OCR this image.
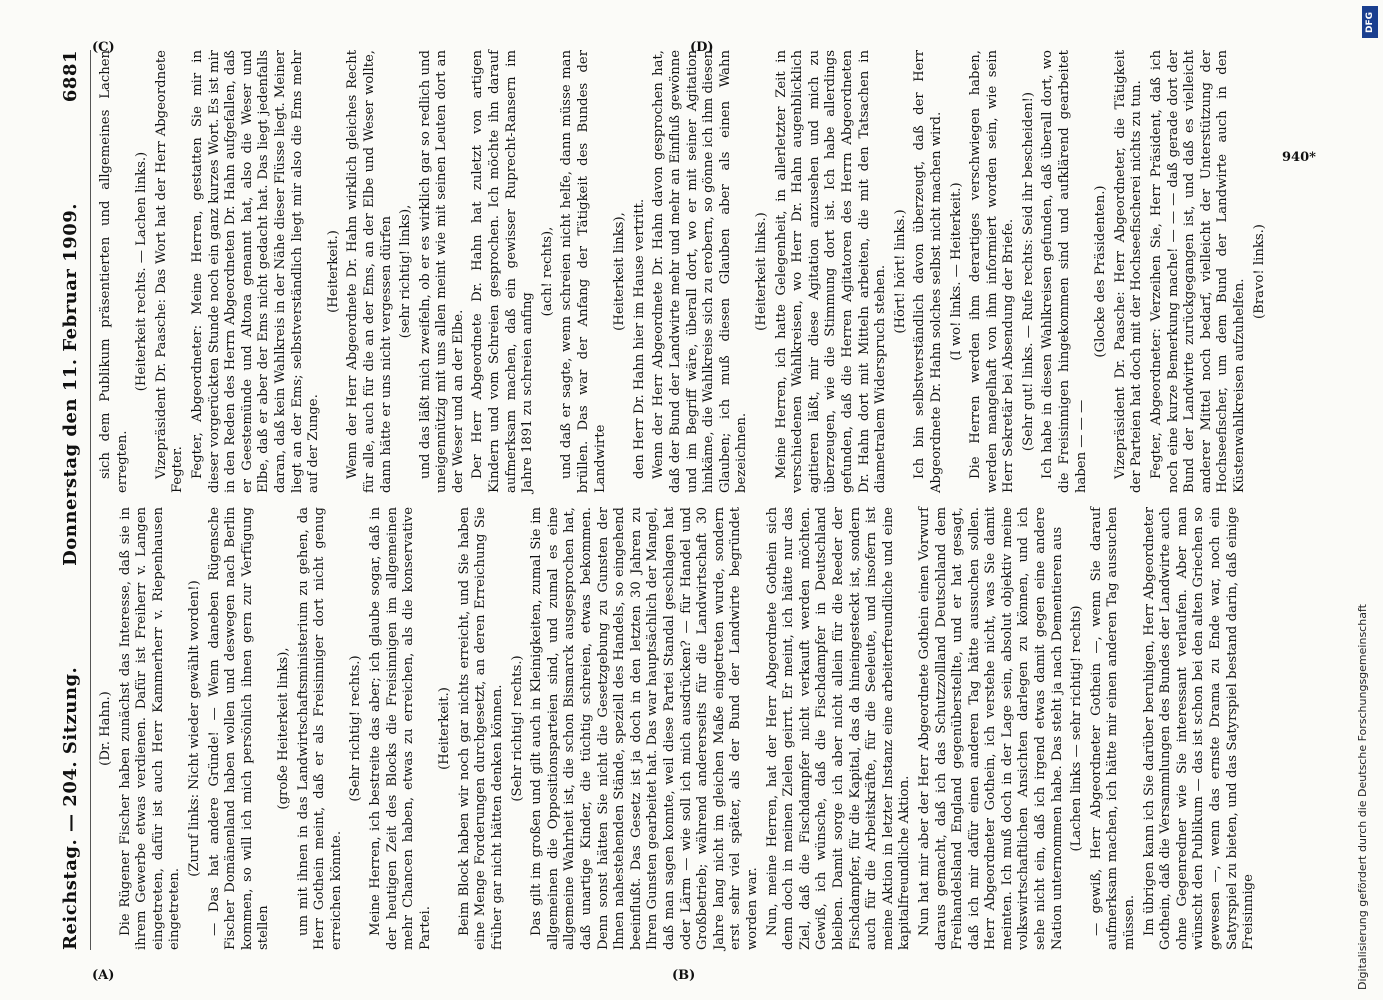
Reichstag. — 204. Sitzung.
Donnerstag den 11. Februar 1909.
6881

(Dr. Hahn.) Die Rügener Fischer haben zunächst das Interesse, daß sie in ihrem Gewerbe etwas verdienen. Dafür ist Freiherr v. Langen eingetreten, dafür ist auch Herr Kammerherr v. Riepenhausen eingetreten.

(Zuruf links: Nicht wieder gewählt worden!) — Das hat andere Gründe! — Wenn daneben Rügensche Fischer Domänenland haben wollen und deswegen nach Berlin kommen, so will ich mich persönlich ihnen gern zur Verfügung stellen

(große Heiterkeit links), um mit ihnen in das Landwirtschaftsministerium zu gehen, da Herr Gothein meint, daß er als Freisinniger dort nicht genug erreichen könnte.

(Sehr richtig! rechts.) Meine Herren, ich bestreite das aber; ich glaube sogar, daß in der heutigen Zeit des Blocks die Freisinnigen im allgemeinen mehr Chancen haben, etwas zu erreichen, als die konservative Partei.

(Heiterkeit.) Beim Block haben wir noch gar nichts erreicht, und Sie haben eine Menge Forderungen durchgesetzt, an deren Erreichung Sie früher gar nicht hätten denken können. (Sehr richtig! rechts.) Das gilt im großen und gilt auch in Kleinigkeiten, zumal Sie im allgemeinen die Oppositionsparteien sind, und zumal es eine allgemeine Wahrheit ist, die schon Bismarck ausgesprochen hat, daß unartige Kinder, die tüchtig schreien, etwas bekommen. Denn sonst hätten Sie nicht die Gesetzgebung zu Gunsten der Ihnen nahestehenden Stände, speziell des Handels, so eingehend beeinflußt. Das Gesetz ist ja doch in den letzten 30 Jahren zu Ihren Gunsten gearbeitet hat. Das war hauptsächlich der Mangel, daß man sagen konnte, weil diese Partei Standal geschlagen hat oder Lärm — wie soll ich mich ausdrücken? — für Handel und Großbetrieb; während andererseits für die Landwirtschaft 30 Jahre lang nicht im gleichen Maße eingetreten wurde, sondern erst sehr viel später, als der Bund der Landwirte begründet worden war. Nun, meine Herren, hat der Herr Abgeordnete Gothein sich denn doch in meinen Zielen geirrt. Er meint, ich hätte nur das Ziel, daß die Fischdampfer nicht verkauft werden möchten. Gewiß, ich wünsche, daß die Fischdampfer in Deutschland bleiben. Damit sorge ich aber nicht allein für die Reeder der Fischdampfer, für die Kapital, das da hineingesteckt ist, sondern auch für die Arbeitskräfte, für die Seeleute, und insofern ist meine Aktion in letzter Instanz eine arbeiterfreundliche und eine kapitalfreundliche Aktion. Nun hat mir aber der Herr Abgeordnete Gothein einen Vorwurf daraus gemacht, daß ich das Schutzzollland Deutschland dem Freihandelsland England gegenüberstellte, und er hat gesagt, daß ich mir dafür einen anderen Tag hätte aussuchen sollen. Herr Abgeordneter Gothein, ich verstehe nicht, was Sie damit meinten. Ich muß doch in der Lage sein, absolut objektiv meine volkswirtschaftlichen Ansichten darlegen zu können, und ich sehe nicht ein, daß ich irgend etwas damit gegen eine andere Nation unternommen habe. Das steht ja nach Dementieren aus (Lachen links — sehr richtig! rechts) — gewiß, Herr Abgeordneter Gothein —, wenn Sie darauf aufmerksam machen, ich hätte mir einen anderen Tag aussuchen müssen. Im übrigen kann ich Sie darüber beruhigen, Herr Abgeordneter Gothein, daß die Versammlungen des Bundes der Landwirte auch ohne Gegenredner wie Sie interessant verlaufen. Aber man wünscht den Publikum — das ist schon bei den alten Griechen so gewesen —, wenn das ernste Drama zu Ende war, noch ein Satyrspiel zu bieten, und das Satyrspiel bestand darin, daß einige Freisinnige

sich dem Publikum präsentierten und allgemeines Lachen erregten.

(Heiterkeit rechts. — Lachen links.) Vizepräsident Dr. Paasche: Das Wort hat der Herr Abgeordnete Fegter. Fegter, Abgeordneter: Meine Herren, gestatten Sie mir in dieser vorgerückten Stunde noch ein ganz kurzes Wort. Es ist mir in den Reden des Herrn Abgeordneten Dr. Hahn aufgefallen, daß er Geestemünde und Altona genannt hat, also die Weser und Elbe, daß er aber der Ems nicht gedacht hat. Das liegt jedenfalls daran, daß kein Wahlkreis in der Nähe dieser Flüsse liegt. Meiner liegt an der Ems; selbstverständlich liegt mir also die Ems mehr auf der Zunge.

(Heiterkeit.) Wenn der Herr Abgeordnete Dr. Hahn wirklich gleiches Recht für alle, auch für die an der Ems, an der Elbe und Weser wollte, dann hätte er uns nicht vergessen dürfen (sehr richtig! links), und das läßt mich zweifeln, ob er es wirklich gar so redlich und uneigennützig mit uns allen meint wie mit seinen Leuten dort an der Weser und an der Elbe. Der Herr Abgeordnete Dr. Hahn hat zuletzt von artigen Kindern und vom Schreien gesprochen. Ich möchte ihn darauf aufmerksam machen, daß ein gewisser Ruprecht-Ransern im Jahre 1891 zu schreien anfing

(ach! rechts), und daß er sagte, wenn schreien nicht helfe, dann müsse man brüllen. Das war der Anfang der Tätigkeit des Bundes der Landwirte

(Heiterkeit links), den Herr Dr. Hahn hier im Hause vertritt. Wenn der Herr Abgeordnete Dr. Hahn davon gesprochen hat, daß der Bund der Landwirte mehr und mehr an Einfluß gewönne und im Begriff wäre, überall dort, wo er mit seiner Agitation hinkäme, die Wahlkreise sich zu erobern, so gönne ich ihm diesen Glauben; ich muß diesen Glauben aber als einen Wahn bezeichnen.

(Heiterkeit links.) Meine Herren, ich hatte Gelegenheit, in allerletzter Zeit in verschiedenen Wahlkreisen, wo Herr Dr. Hahn augenblicklich agitieren läßt, mir diese Agitation anzusehen und mich zu überzeugen, wie die Stimmung dort ist. Ich habe allerdings gefunden, daß die Herren Agitatoren des Herrn Abgeordneten Dr. Hahn dort mit Mitteln arbeiten, die mit den Tatsachen in diametralem Widerspruch stehen. (Hört! hört! links.) Ich bin selbstverständlich davon überzeugt, daß der Herr Abgeordnete Dr. Hahn solches selbst nicht machen wird. (I wo! links. — Heiterkeit.) Die Herren werden ihm derartiges verschwiegen haben, werden mangelhaft von ihm informiert worden sein, wie sein Herr Sekretär bei Absendung der Briefe. (Sehr gut! links. — Rufe rechts: Seid ihr bescheiden!) Ich habe in diesen Wahlkreisen gefunden, daß überall dort, wo die Freisinnigen hingekommen sind und aufklärend gearbeitet haben — — —

(Glocke des Präsidenten.) Vizepräsident Dr. Paasche: Herr Abgeordneter, die Tätigkeit der Parteien hat doch mit der Hochseefischerei nichts zu tun. Fegter, Abgeordneter: Verzeihen Sie, Herr Präsident, daß ich noch eine kurze Bemerkung mache! — — — daß gerade dort der Bund der Landwirte zurückgegangen ist, und daß es vielleicht anderer Mittel noch bedarf, vielleicht der Unterstützung der Hochseefischer, um dem Bund der Landwirte auch in den Küstenwahlkreisen aufzuhelfen.

(Bravo! links.)

(A)	(B)
(C)	(D)
940*
Digitalisierung gefördert durch die Deutsche Forschungsgemeinschaft
DFG
